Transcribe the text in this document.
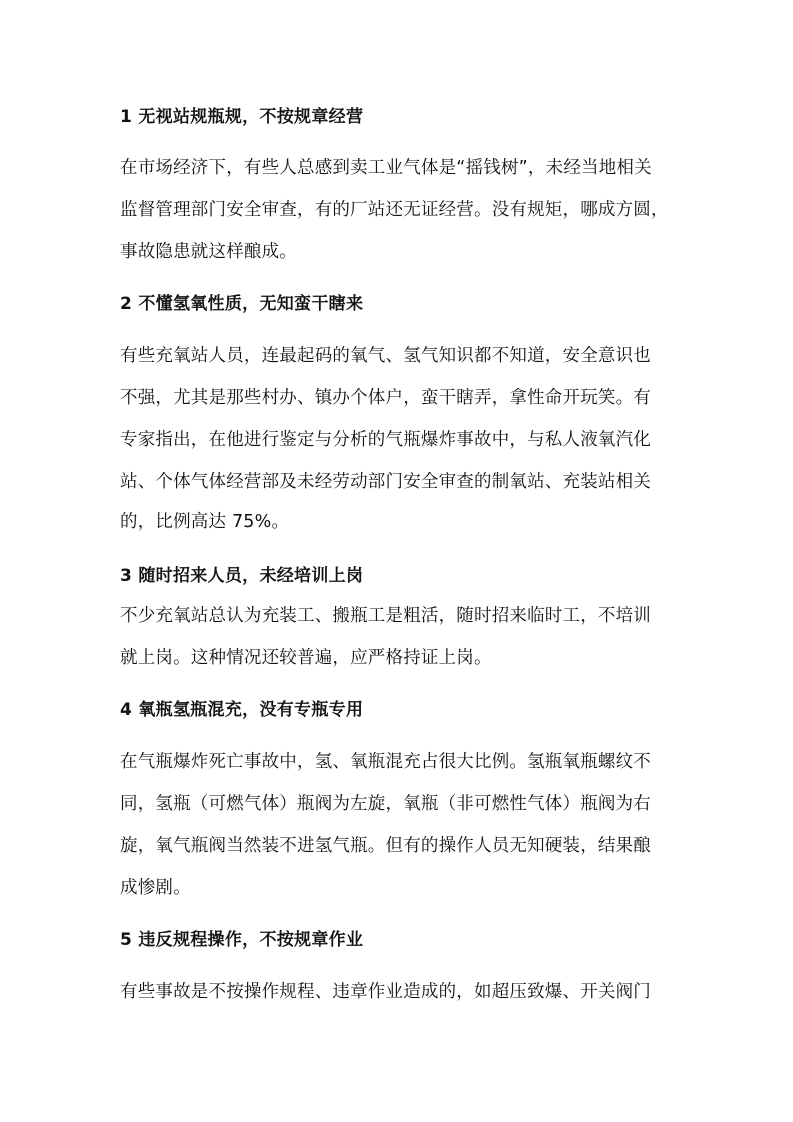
1 无视站规瓶规，不按规章经营
在市场经济下，有些人总感到卖工业气体是“摇钱树”，未经当地相关
监督管理部门安全审查，有的厂站还无证经营。没有规矩，哪成方圆，
事故隐患就这样酿成。
2 不懂氢氧性质，无知蛮干瞎来
有些充氧站人员，连最起码的氧气、氢气知识都不知道，安全意识也
不强，尤其是那些村办、镇办个体户，蛮干瞎弄，拿性命开玩笑。有
专家指出，在他进行鉴定与分析的气瓶爆炸事故中，与私人液氧汽化
站、个体气体经营部及未经劳动部门安全审查的制氧站、充装站相关
的，比例高达 75%。
3 随时招来人员，未经培训上岗
不少充氧站总认为充装工、搬瓶工是粗活，随时招来临时工，不培训
就上岗。这种情况还较普遍，应严格持证上岗。
4 氧瓶氢瓶混充，没有专瓶专用
在气瓶爆炸死亡事故中，氢、氧瓶混充占很大比例。氢瓶氧瓶螺纹不
同，氢瓶（可燃气体）瓶阀为左旋，氧瓶（非可燃性气体）瓶阀为右
旋，氧气瓶阀当然装不进氢气瓶。但有的操作人员无知硬装，结果酿
成惨剧。
5 违反规程操作，不按规章作业
有些事故是不按操作规程、违章作业造成的，如超压致爆、开关阀门
